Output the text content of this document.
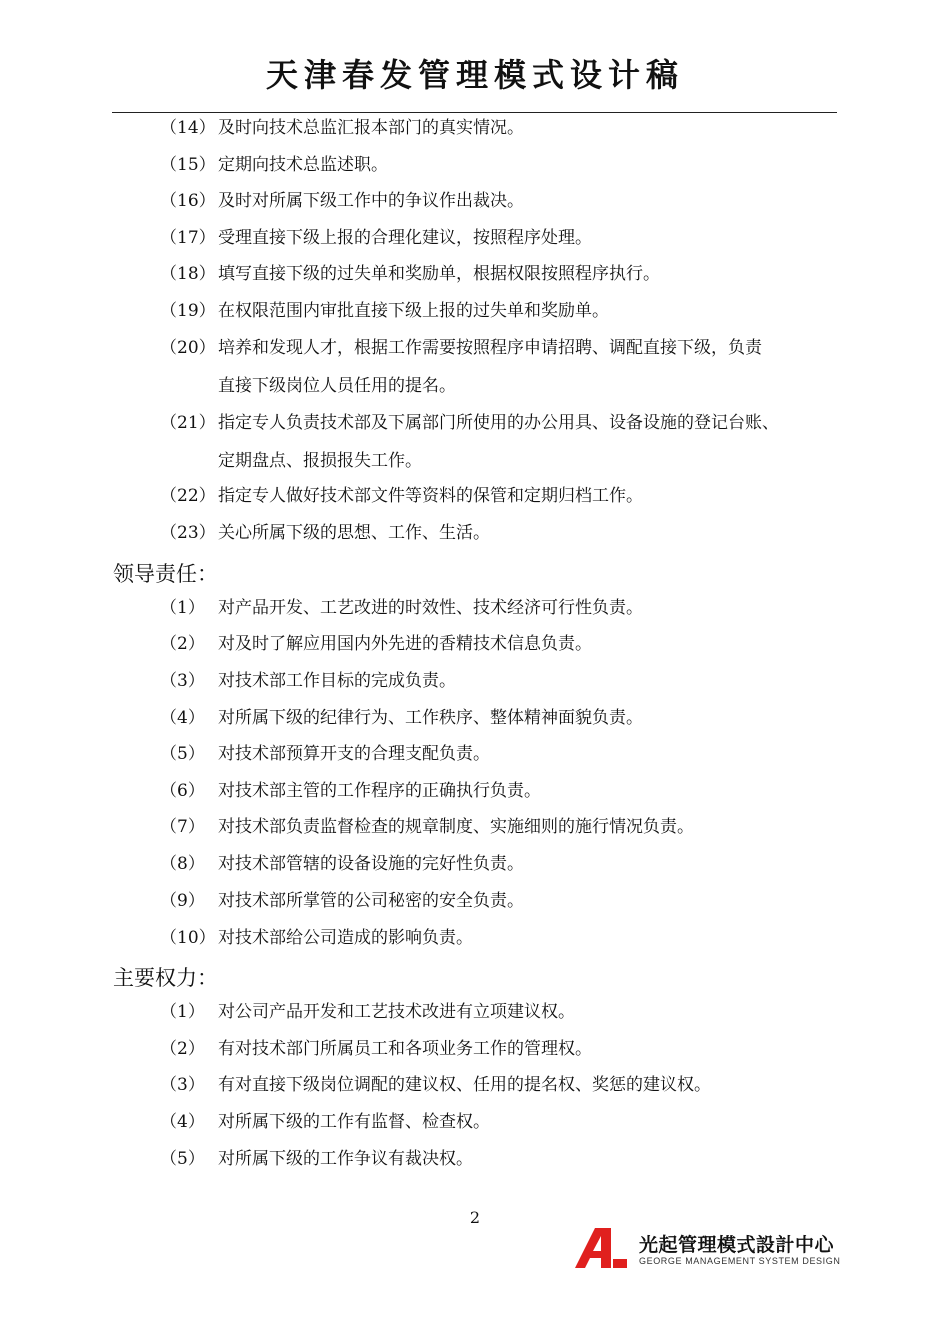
天津春发管理模式设计稿
（14） 及时向技术总监汇报本部门的真实情况。
（15） 定期向技术总监述职。
（16） 及时对所属下级工作中的争议作出裁决。
（17） 受理直接下级上报的合理化建议，按照程序处理。
（18） 填写直接下级的过失单和奖励单，根据权限按照程序执行。
（19） 在权限范围内审批直接下级上报的过失单和奖励单。
（20） 培养和发现人才，根据工作需要按照程序申请招聘、调配直接下级，负责
直接下级岗位人员任用的提名。
（21） 指定专人负责技术部及下属部门所使用的办公用具、设备设施的登记台账、
定期盘点、报损报失工作。
（22） 指定专人做好技术部文件等资料的保管和定期归档工作。
（23） 关心所属下级的思想、工作、生活。
领导责任：
（1） 对产品开发、工艺改进的时效性、技术经济可行性负责。
（2） 对及时了解应用国内外先进的香精技术信息负责。
（3） 对技术部工作目标的完成负责。
（4） 对所属下级的纪律行为、工作秩序、整体精神面貌负责。
（5） 对技术部预算开支的合理支配负责。
（6） 对技术部主管的工作程序的正确执行负责。
（7） 对技术部负责监督检查的规章制度、实施细则的施行情况负责。
（8） 对技术部管辖的设备设施的完好性负责。
（9） 对技术部所掌管的公司秘密的安全负责。
（10） 对技术部给公司造成的影响负责。
主要权力：
（1） 对公司产品开发和工艺技术改进有立项建议权。
（2） 有对技术部门所属员工和各项业务工作的管理权。
（3） 有对直接下级岗位调配的建议权、任用的提名权、奖惩的建议权。
（4） 对所属下级的工作有监督、检查权。
（5） 对所属下级的工作争议有裁决权。
2
光起管理模式設計中心
GEORGE MANAGEMENT SYSTEM DESIGN
